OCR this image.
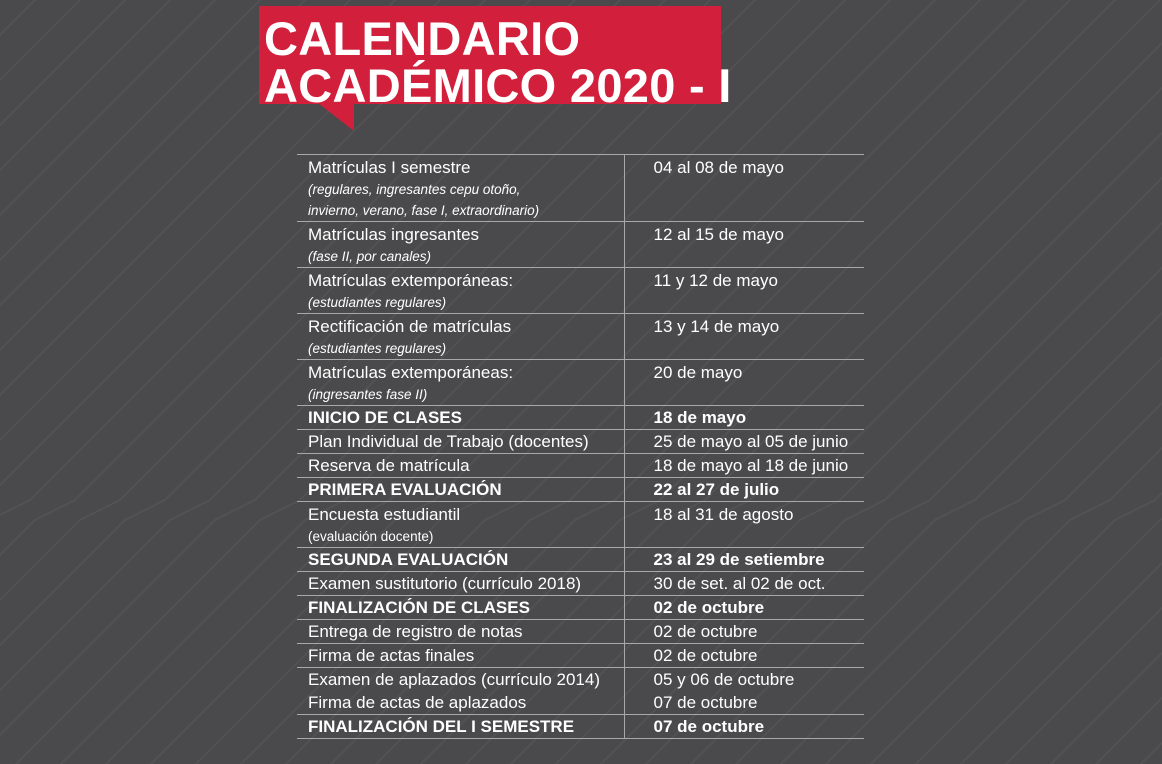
CALENDARIO
ACADÉMICO 2020 - I
Matrículas I semestre
(regulares, ingresantes cepu otoño,
invierno, verano, fase I, extraordinario)	04 al 08 de mayo

Matrículas ingresantes
(fase II, por canales)	12 al 15 de mayo

Matrículas extemporáneas:
(estudiantes regulares)	11 y 12 de mayo

Rectificación de matrículas
(estudiantes regulares)	13 y 14 de mayo

Matrículas extemporáneas:
(ingresantes fase II)	20 de mayo

INICIO DE CLASES	18 de mayo

Plan Individual de Trabajo (docentes)	25 de mayo al 05 de junio

Reserva de matrícula	18 de mayo al 18 de junio

PRIMERA EVALUACIÓN	22 al 27 de julio

Encuesta estudiantil
(evaluación docente)	18 al 31 de agosto

SEGUNDA EVALUACIÓN	23 al 29 de setiembre

Examen sustitutorio (currículo 2018)	30 de set. al 02 de oct.

FINALIZACIÓN DE CLASES	02 de octubre

Entrega de registro de notas	02 de octubre

Firma de actas finales	02 de octubre

Examen de aplazados (currículo 2014)	05 y 06 de octubre

Firma de actas de aplazados	07 de octubre

FINALIZACIÓN DEL I SEMESTRE	07 de octubre
